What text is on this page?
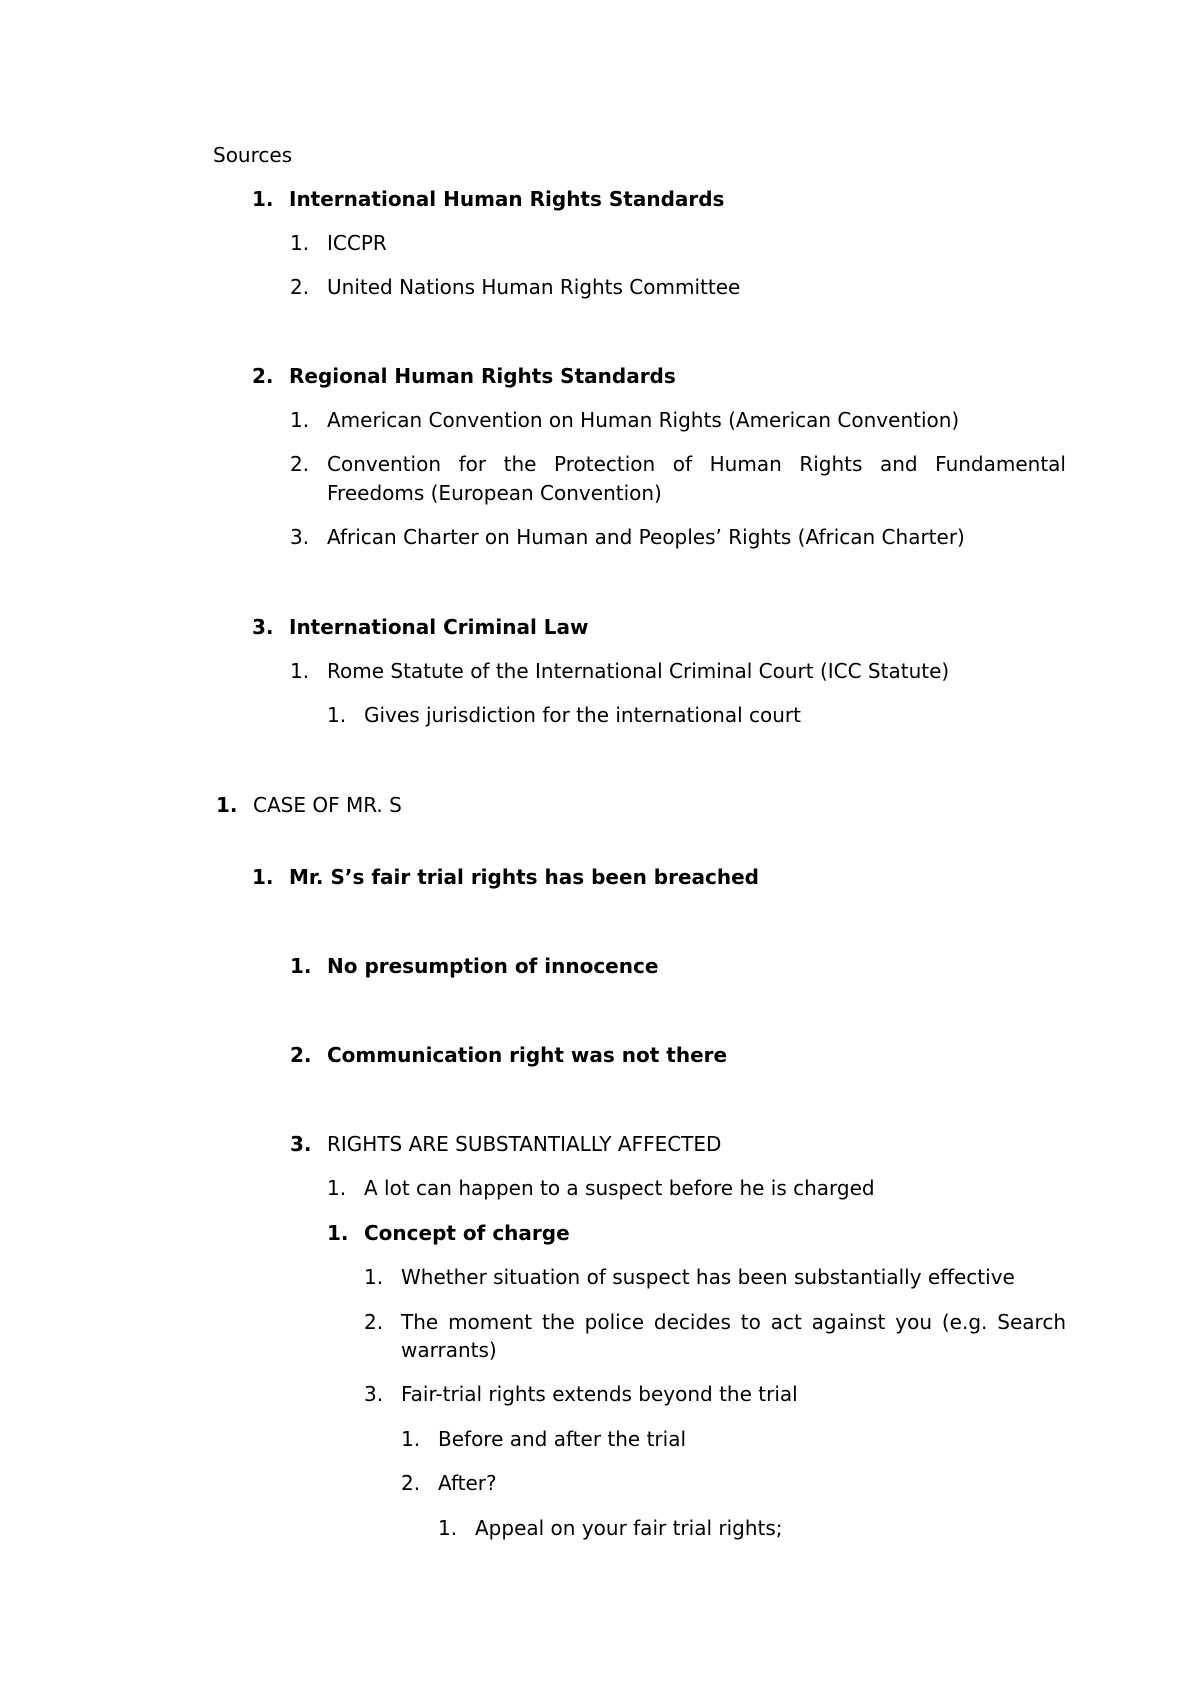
Sources
1. International Human Rights Standards
1. ICCPR
2. United Nations Human Rights Committee
2. Regional Human Rights Standards
1. American Convention on Human Rights (American Convention)
2. Convention for the Protection of Human Rights and Fundamental
Freedoms (European Convention)
3. African Charter on Human and Peoples’ Rights (African Charter)
3. International Criminal Law
1. Rome Statute of the International Criminal Court (ICC Statute)
1. Gives jurisdiction for the international court
1. CASE OF MR. S
1. Mr. S’s fair trial rights has been breached
1. No presumption of innocence
2. Communication right was not there
3. RIGHTS ARE SUBSTANTIALLY AFFECTED
1. A lot can happen to a suspect before he is charged
1. Concept of charge
1. Whether situation of suspect has been substantially effective
2. The moment the police decides to act against you (e.g. Search
warrants)
3. Fair-trial rights extends beyond the trial
1. Before and after the trial
2. After?
1. Appeal on your fair trial rights;
